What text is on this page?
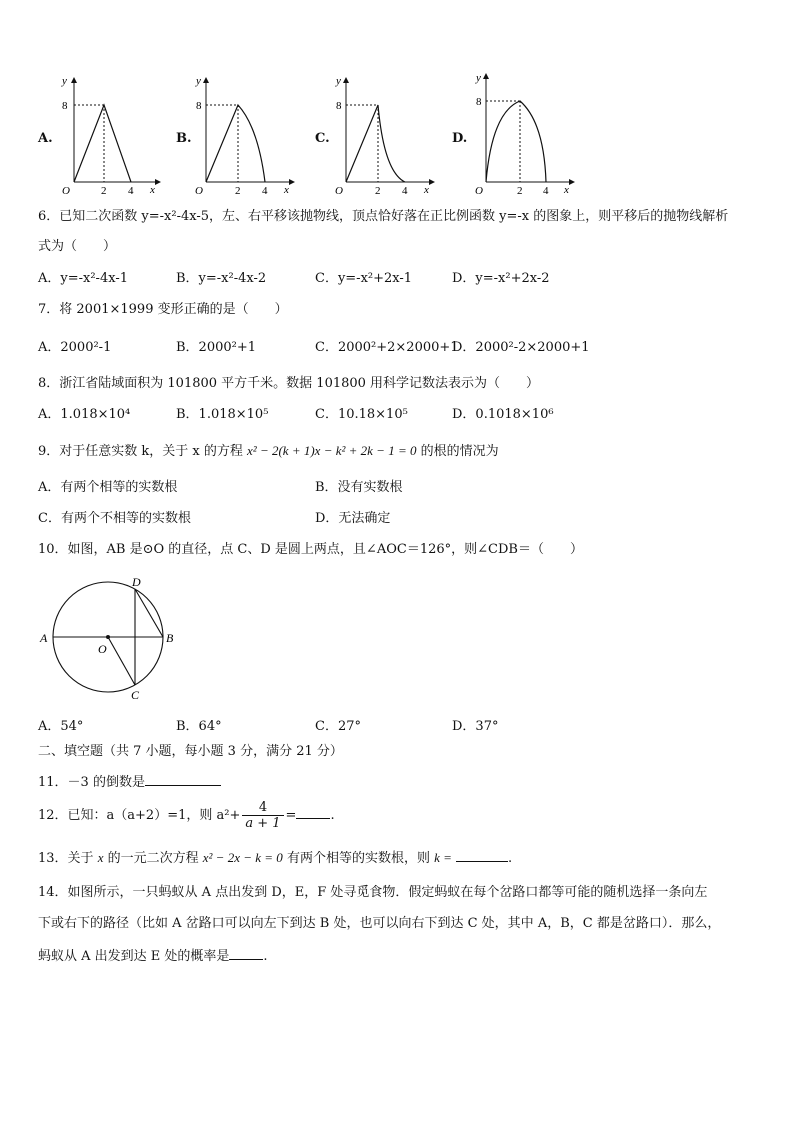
A.
8
2 4
O	x
y
B.
8
2 4
O	x
y
C.
8
2 4
O	x
y
D.
8
2 4
O	x
y
6．已知二次函数 y=-x²-4x-5，左、右平移该抛物线，顶点恰好落在正比例函数 y=-x 的图象上，则平移后的抛物线解析
式为（　　）
A．y=-x²-4x-1	B．y=-x²-4x-2	C．y=-x²+2x-1	D．y=-x²+2x-2
7．将 2001×1999 变形正确的是（　　）
A．2000²-1	B．2000²+1	C．2000²+2×2000+1
D．2000²-2×2000+1
8．浙江省陆域面积为 101800 平方千米。数据 101800 用科学记数法表示为（　　）
A．1.018×10⁴	B．1.018×10⁵	C．10.18×10⁵	D．0.1018×10⁶
9．对于任意实数 k，关于 x 的方程 x² − 2(k + 1)x − k² + 2k − 1 = 0 的根的情况为
A．有两个相等的实数根	B．没有实数根
C．有两个不相等的实数根	D．无法确定
10．如图，AB 是⊙O 的直径，点 C、D 是圆上两点，且∠AOC＝126°，则∠CDB＝（　　）
A	B
C
D
O
A．54°	B．64°	C．27°	D．37°
二、填空题（共 7 小题，每小题 3 分，满分 21 分）
11．－3 的倒数是
12．已知：a（a+2）=1，则 $a^2+ \frac{4}{a + 1}$ =	.
13．关于 x 的一元二次方程 x² − 2x − k = 0 有两个相等的实数根，则 k =	.
14．如图所示，一只蚂蚁从 A 点出发到 D，E，F 处寻觅食物．假定蚂蚁在每个岔路口都等可能的随机选择一条向左
下或右下的路径（比如 A 岔路口可以向左下到达 B 处，也可以向右下到达 C 处，其中 A，B，C 都是岔路口）．那么，
蚂蚁从 A 出发到达 E 处的概率是	.
